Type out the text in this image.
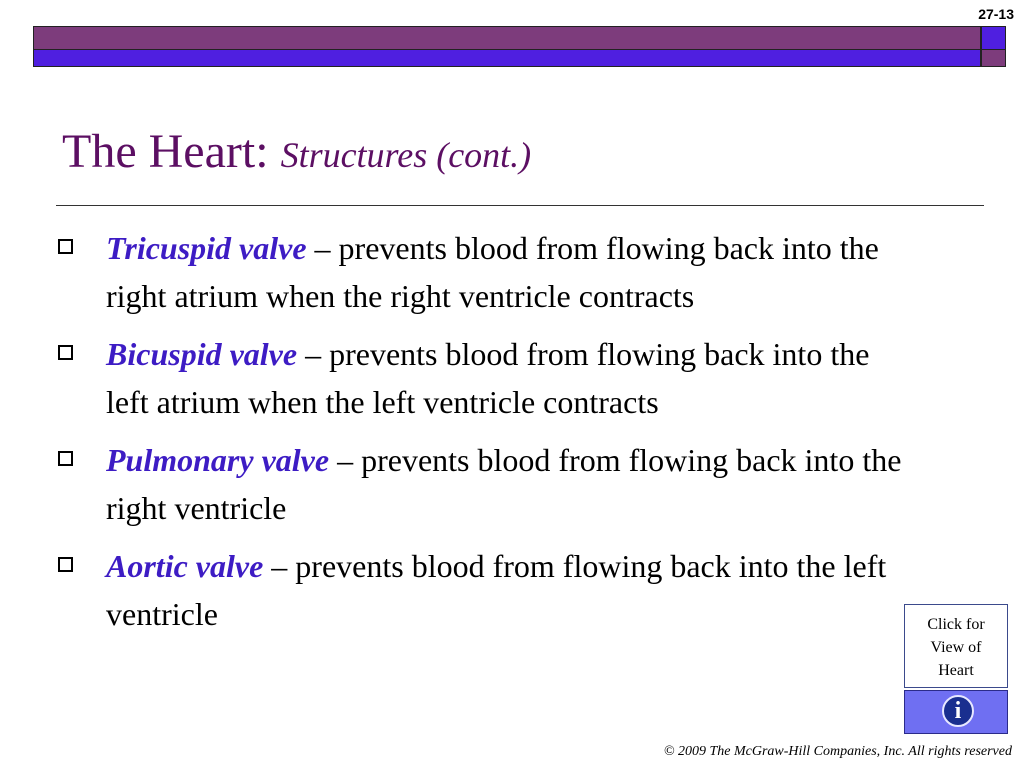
27-13
The Heart: Structures (cont.)
Tricuspid valve – prevents blood from flowing back into the right atrium when the right ventricle contracts
Bicuspid valve – prevents blood from flowing back into the left atrium when the left ventricle contracts
Pulmonary valve – prevents blood from flowing back into the right ventricle
Aortic valve – prevents blood from flowing back into the left ventricle	Click for
View of
Heart
i
© 2009 The McGraw-Hill Companies, Inc. All rights reserved
